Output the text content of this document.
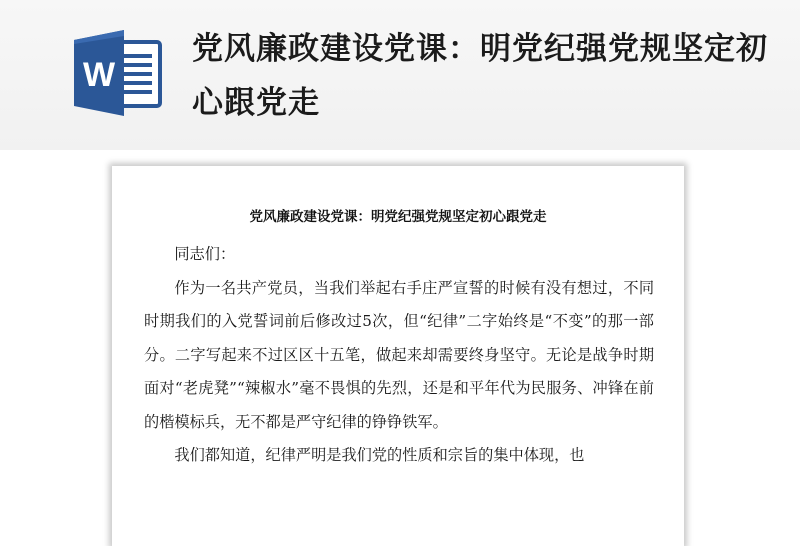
W
党风廉政建设党课：明党纪强党规坚定初心跟党走
党风廉政建设党课：明党纪强党规坚定初心跟党走

同志们：

作为一名共产党员，当我们举起右手庄严宣誓的时候有没有想过，不同时期我们的入党誓词前后修改过5次，但“纪律”二字始终是“不变”的那一部分。二字写起来不过区区十五笔，做起来却需要终身坚守。无论是战争时期面对“老虎凳”“辣椒水”毫不畏惧的先烈，还是和平年代为民服务、冲锋在前的楷模标兵，无不都是严守纪律的铮铮铁军。

我们都知道，纪律严明是我们党的性质和宗旨的集中体现，也
